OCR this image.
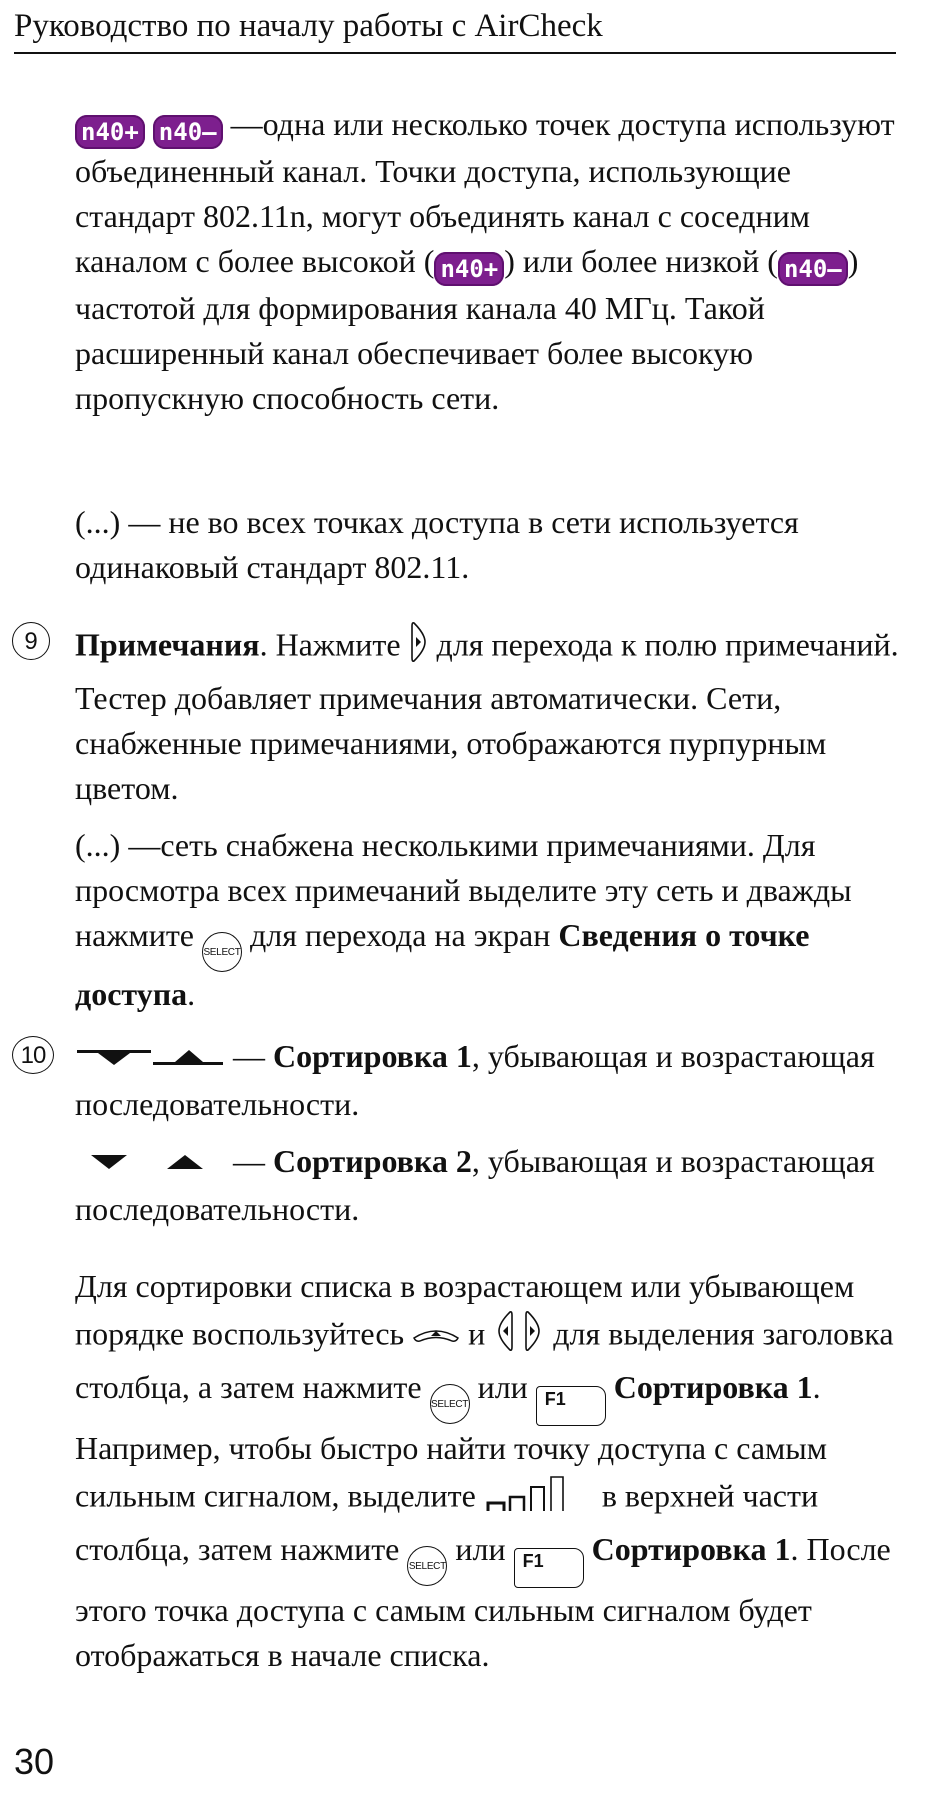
Руководство по началу работы с AirCheck

n40+ n40– —одна или несколько точек доступа используют объединенный канал. Точки доступа, использующие стандарт 802.11n, могут объединять канал с соседним каналом с более высокой ( n40+ ) или более низкой ( n40– ) частотой для формирования канала 40 МГц. Такой расширенный канал обеспечивает более высокую пропускную способность сети.

(...) — не во всех точках доступа в сети используется одинаковый стандарт 802.11.

9	Примечания. Нажмите  для перехода к полю примечаний. Тестер добавляет примечания автоматически. Сети, снабженные примечаниями, отображаются пурпурным цветом.

(...) —сеть снабжена несколькими примечаниями. Для просмотра всех примечаний выделите эту сеть и дважды нажмите SELECT для перехода на экран Сведения о точке доступа.

10	— Сортировка 1, убывающая и возрастающая последовательности.

— Сортировка 2, убывающая и возрастающая последовательности.

Для сортировки списка в возрастающем или убывающем порядке воспользуйтесь  и   для выделения заголовка столбца, а затем нажмите SELECT или F1 Сортировка 1. Например, чтобы быстро найти точку доступа с самым сильным сигналом, выделите	в верхней части столбца, затем нажмите SELECT или F1 Сортировка 1. После этого точка доступа с самым сильным сигналом будет отображаться в начале списка.

30
